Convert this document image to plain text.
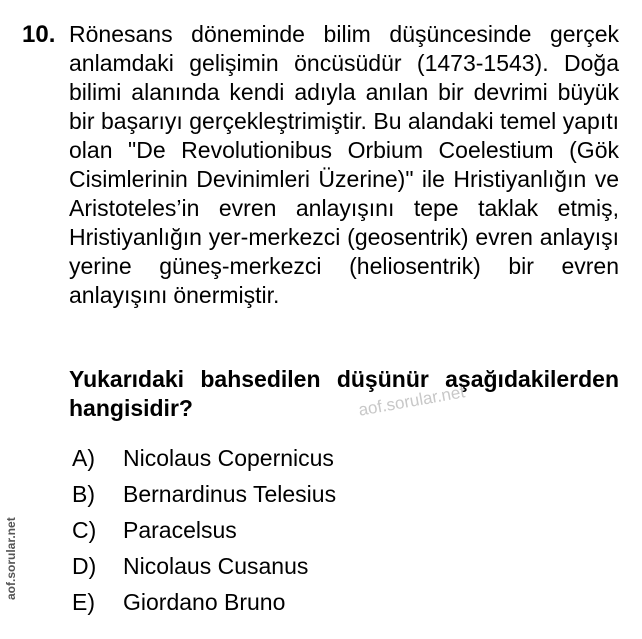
10. Rönesans döneminde bilim düşüncesinde gerçek anlamdaki gelişimin öncüsüdür (1473-1543). Doğa bilimi alanında kendi adıyla anılan bir devrimi büyük bir başarıyı gerçekleştrimiştir. Bu alandaki temel yapıtı olan "De Revolutionibus Orbium Coelestium (Gök Cisimlerinin Devinimleri Üzerine)" ile Hristiyanlığın ve Aristoteles’in evren anlayışını tepe taklak etmiş, Hristiyanlığın yer-merkezci (geosentrik) evren anlayışı yerine güneş-merkezci (heliosentrik) bir evren anlayışını önermiştir.
Yukarıdaki bahsedilen düşünür aşağıdakilerden hangisidir?
A) Nicolaus Copernicus
B) Bernardinus Telesius
C) Paracelsus
D) Nicolaus Cusanus
E) Giordano Bruno
aof.sorular.net
aof.sorular.net
